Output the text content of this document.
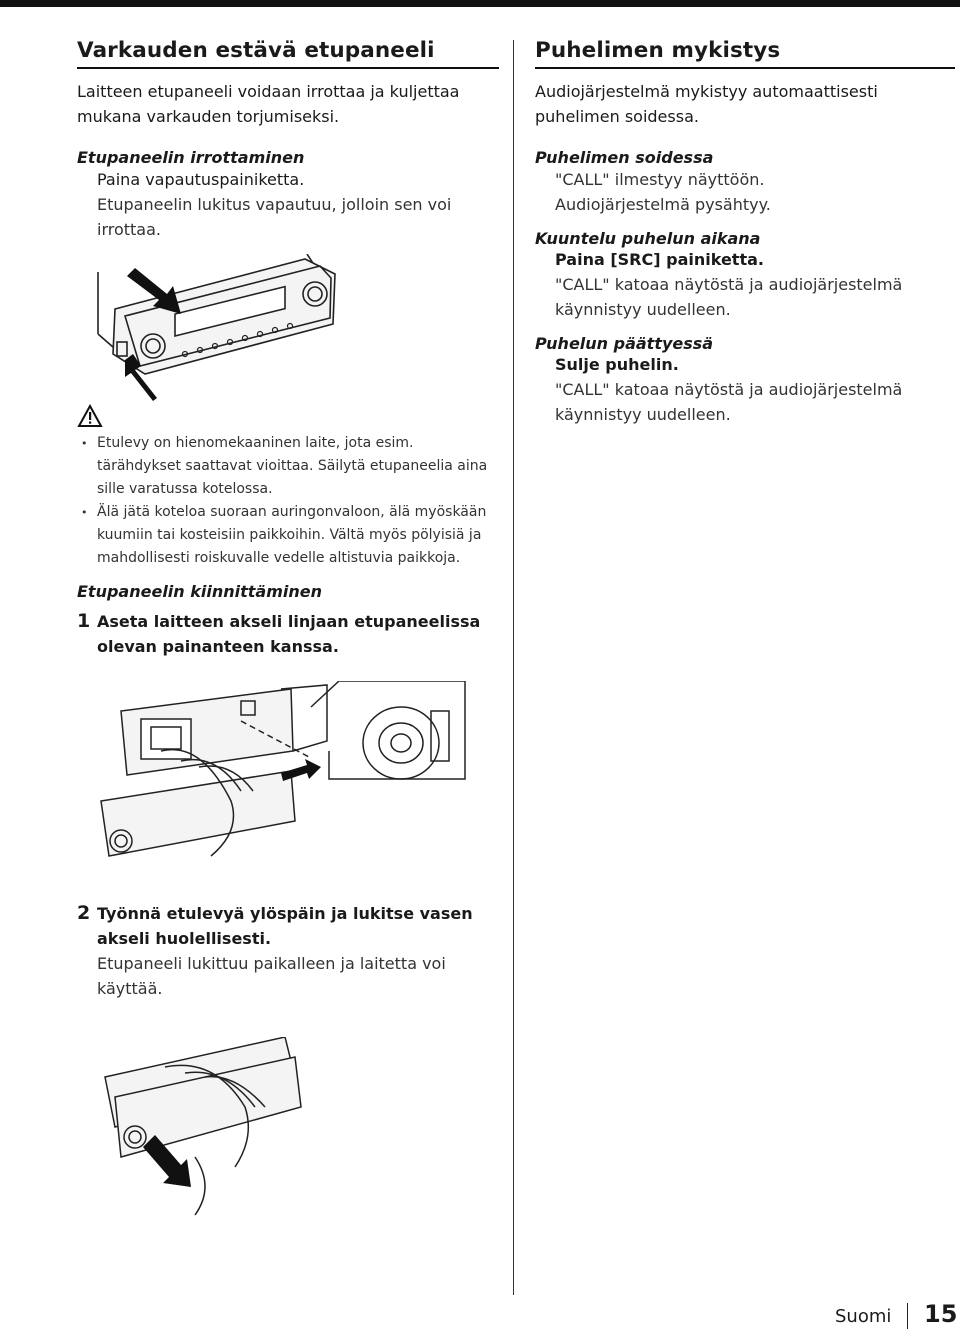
Varkauden estävä etupaneeli

Laitteen etupaneeli voidaan irrottaa ja kuljettaa mukana varkauden torjumiseksi.

Etupaneelin irrottaminen
Paina vapautuspainiketta.
Etupaneelin lukitus vapautuu, jolloin sen voi irrottaa.
• Etulevy on hienomekaaninen laite, jota esim. tärähdykset saattavat vioittaa. Säilytä etupaneelia aina sille varatussa kotelossa.
• Älä jätä koteloa suoraan auringonvaloon, älä myöskään kuumiin tai kosteisiin paikkoihin. Vältä myös pölyisiä ja mahdollisesti roiskuvalle vedelle altistuvia paikkoja.
Etupaneelin kiinnittäminen
1 Aseta laitteen akseli linjaan etupaneelissa olevan painanteen kanssa.
2 Työnnä etulevyä ylöspäin ja lukitse vasen akseli huolellisesti.
Etupaneeli lukittuu paikalleen ja laitetta voi käyttää.
Puhelimen mykistys

Audiojärjestelmä mykistyy automaattisesti puhelimen soidessa.

Puhelimen soidessa
"CALL" ilmestyy näyttöön.
Audiojärjestelmä pysähtyy.
Kuuntelu puhelun aikana
Paina [SRC] painiketta.
"CALL" katoaa näytöstä ja audiojärjestelmä käynnistyy uudelleen.
Puhelun päättyessä
Sulje puhelin.
"CALL" katoaa näytöstä ja audiojärjestelmä käynnistyy uudelleen.
Suomi 15
